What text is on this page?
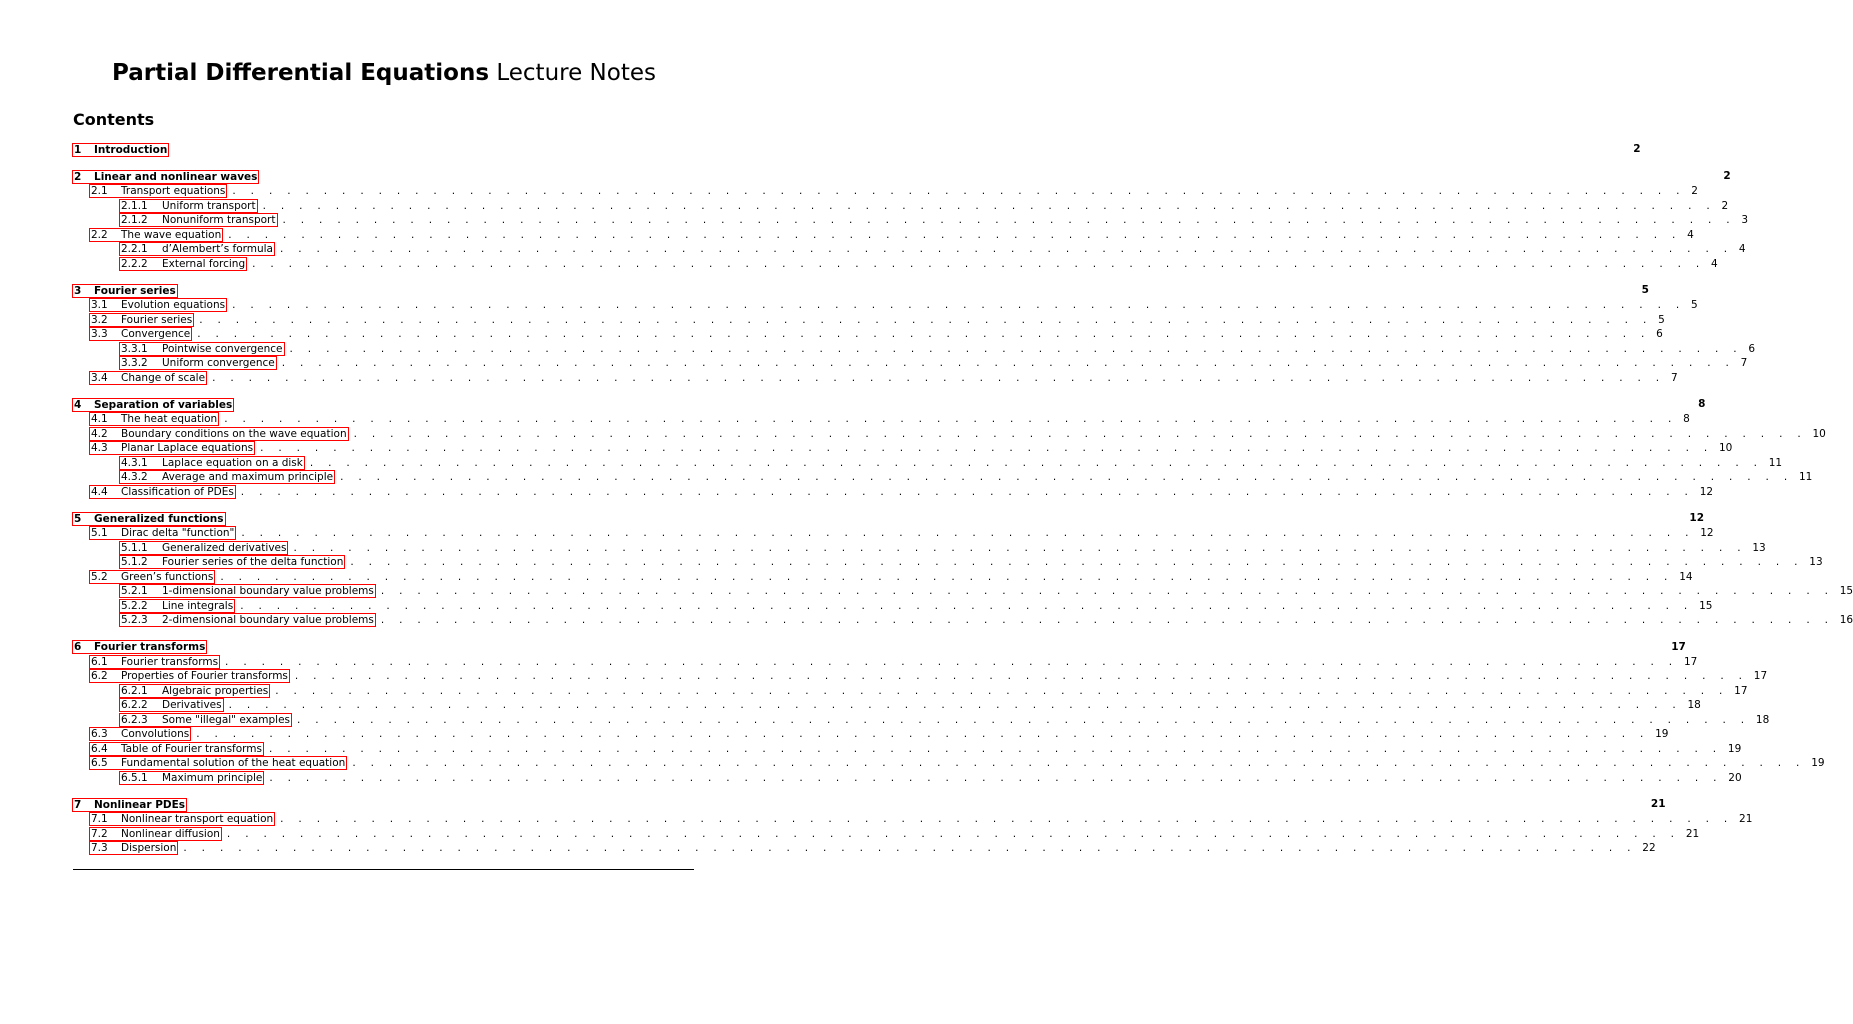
Partial Differential Equations Lecture Notes
Contents
1	Introduction	2
2	Linear and nonlinear waves	2
2.1	Transport equations . . . . . . . . . . . . . . . . . . . . . . . . . . . . . . . . . . . . . . . . . . . . . . . . . . . . . . . . . . . . . . . . . . . . . . . . . . . . . . . . 2
2.1.1	Uniform transport . . . . . . . . . . . . . . . . . . . . . . . . . . . . . . . . . . . . . . . . . . . . . . . . . . . . . . . . . . . . . . . . . . . . . . . . . . . . . . . . 2
2.1.2	Nonuniform transport . . . . . . . . . . . . . . . . . . . . . . . . . . . . . . . . . . . . . . . . . . . . . . . . . . . . . . . . . . . . . . . . . . . . . . . . . . . . . . . . 3
2.2	The wave equation . . . . . . . . . . . . . . . . . . . . . . . . . . . . . . . . . . . . . . . . . . . . . . . . . . . . . . . . . . . . . . . . . . . . . . . . . . . . . . . . 4
2.2.1	d’Alembert’s formula . . . . . . . . . . . . . . . . . . . . . . . . . . . . . . . . . . . . . . . . . . . . . . . . . . . . . . . . . . . . . . . . . . . . . . . . . . . . . . . . 4
2.2.2	External forcing . . . . . . . . . . . . . . . . . . . . . . . . . . . . . . . . . . . . . . . . . . . . . . . . . . . . . . . . . . . . . . . . . . . . . . . . . . . . . . . . 4
3	Fourier series	5
3.1	Evolution equations . . . . . . . . . . . . . . . . . . . . . . . . . . . . . . . . . . . . . . . . . . . . . . . . . . . . . . . . . . . . . . . . . . . . . . . . . . . . . . . . 5
3.2	Fourier series . . . . . . . . . . . . . . . . . . . . . . . . . . . . . . . . . . . . . . . . . . . . . . . . . . . . . . . . . . . . . . . . . . . . . . . . . . . . . . . . 5
3.3	Convergence . . . . . . . . . . . . . . . . . . . . . . . . . . . . . . . . . . . . . . . . . . . . . . . . . . . . . . . . . . . . . . . . . . . . . . . . . . . . . . . . 6
3.3.1	Pointwise convergence . . . . . . . . . . . . . . . . . . . . . . . . . . . . . . . . . . . . . . . . . . . . . . . . . . . . . . . . . . . . . . . . . . . . . . . . . . . . . . . . 6
3.3.2	Uniform convergence . . . . . . . . . . . . . . . . . . . . . . . . . . . . . . . . . . . . . . . . . . . . . . . . . . . . . . . . . . . . . . . . . . . . . . . . . . . . . . . . 7
3.4	Change of scale . . . . . . . . . . . . . . . . . . . . . . . . . . . . . . . . . . . . . . . . . . . . . . . . . . . . . . . . . . . . . . . . . . . . . . . . . . . . . . . . 7
4	Separation of variables	8
4.1	The heat equation . . . . . . . . . . . . . . . . . . . . . . . . . . . . . . . . . . . . . . . . . . . . . . . . . . . . . . . . . . . . . . . . . . . . . . . . . . . . . . . . 8
4.2	Boundary conditions on the wave equation . . . . . . . . . . . . . . . . . . . . . . . . . . . . . . . . . . . . . . . . . . . . . . . . . . . . . . . . . . . . . . . . . . . . . . . . . . . . . . . . 10
4.3	Planar Laplace equations . . . . . . . . . . . . . . . . . . . . . . . . . . . . . . . . . . . . . . . . . . . . . . . . . . . . . . . . . . . . . . . . . . . . . . . . . . . . . . . . 10
4.3.1	Laplace equation on a disk . . . . . . . . . . . . . . . . . . . . . . . . . . . . . . . . . . . . . . . . . . . . . . . . . . . . . . . . . . . . . . . . . . . . . . . . . . . . . . . . 11
4.3.2	Average and maximum principle . . . . . . . . . . . . . . . . . . . . . . . . . . . . . . . . . . . . . . . . . . . . . . . . . . . . . . . . . . . . . . . . . . . . . . . . . . . . . . . . 11
4.4	Classification of PDEs . . . . . . . . . . . . . . . . . . . . . . . . . . . . . . . . . . . . . . . . . . . . . . . . . . . . . . . . . . . . . . . . . . . . . . . . . . . . . . . . 12
5	Generalized functions	12
5.1	Dirac delta "function" . . . . . . . . . . . . . . . . . . . . . . . . . . . . . . . . . . . . . . . . . . . . . . . . . . . . . . . . . . . . . . . . . . . . . . . . . . . . . . . . 12
5.1.1	Generalized derivatives . . . . . . . . . . . . . . . . . . . . . . . . . . . . . . . . . . . . . . . . . . . . . . . . . . . . . . . . . . . . . . . . . . . . . . . . . . . . . . . . 13
5.1.2	Fourier series of the delta function . . . . . . . . . . . . . . . . . . . . . . . . . . . . . . . . . . . . . . . . . . . . . . . . . . . . . . . . . . . . . . . . . . . . . . . . . . . . . . . . 13
5.2	Green’s functions . . . . . . . . . . . . . . . . . . . . . . . . . . . . . . . . . . . . . . . . . . . . . . . . . . . . . . . . . . . . . . . . . . . . . . . . . . . . . . . . 14
5.2.1	1-dimensional boundary value problems . . . . . . . . . . . . . . . . . . . . . . . . . . . . . . . . . . . . . . . . . . . . . . . . . . . . . . . . . . . . . . . . . . . . . . . . . . . . . . . . 15
5.2.2	Line integrals . . . . . . . . . . . . . . . . . . . . . . . . . . . . . . . . . . . . . . . . . . . . . . . . . . . . . . . . . . . . . . . . . . . . . . . . . . . . . . . . 15
5.2.3	2-dimensional boundary value problems . . . . . . . . . . . . . . . . . . . . . . . . . . . . . . . . . . . . . . . . . . . . . . . . . . . . . . . . . . . . . . . . . . . . . . . . . . . . . . . . 16
6	Fourier transforms	17
6.1	Fourier transforms . . . . . . . . . . . . . . . . . . . . . . . . . . . . . . . . . . . . . . . . . . . . . . . . . . . . . . . . . . . . . . . . . . . . . . . . . . . . . . . . 17
6.2	Properties of Fourier transforms . . . . . . . . . . . . . . . . . . . . . . . . . . . . . . . . . . . . . . . . . . . . . . . . . . . . . . . . . . . . . . . . . . . . . . . . . . . . . . . . 17
6.2.1	Algebraic properties . . . . . . . . . . . . . . . . . . . . . . . . . . . . . . . . . . . . . . . . . . . . . . . . . . . . . . . . . . . . . . . . . . . . . . . . . . . . . . . . 17
6.2.2	Derivatives . . . . . . . . . . . . . . . . . . . . . . . . . . . . . . . . . . . . . . . . . . . . . . . . . . . . . . . . . . . . . . . . . . . . . . . . . . . . . . . . 18
6.2.3	Some "illegal" examples . . . . . . . . . . . . . . . . . . . . . . . . . . . . . . . . . . . . . . . . . . . . . . . . . . . . . . . . . . . . . . . . . . . . . . . . . . . . . . . . 18
6.3	Convolutions . . . . . . . . . . . . . . . . . . . . . . . . . . . . . . . . . . . . . . . . . . . . . . . . . . . . . . . . . . . . . . . . . . . . . . . . . . . . . . . . 19
6.4	Table of Fourier transforms . . . . . . . . . . . . . . . . . . . . . . . . . . . . . . . . . . . . . . . . . . . . . . . . . . . . . . . . . . . . . . . . . . . . . . . . . . . . . . . . 19
6.5	Fundamental solution of the heat equation . . . . . . . . . . . . . . . . . . . . . . . . . . . . . . . . . . . . . . . . . . . . . . . . . . . . . . . . . . . . . . . . . . . . . . . . . . . . . . . . 19
6.5.1	Maximum principle . . . . . . . . . . . . . . . . . . . . . . . . . . . . . . . . . . . . . . . . . . . . . . . . . . . . . . . . . . . . . . . . . . . . . . . . . . . . . . . . 20
7	Nonlinear PDEs	21
7.1	Nonlinear transport equation . . . . . . . . . . . . . . . . . . . . . . . . . . . . . . . . . . . . . . . . . . . . . . . . . . . . . . . . . . . . . . . . . . . . . . . . . . . . . . . . 21
7.2	Nonlinear diffusion . . . . . . . . . . . . . . . . . . . . . . . . . . . . . . . . . . . . . . . . . . . . . . . . . . . . . . . . . . . . . . . . . . . . . . . . . . . . . . . . 21
7.3	Dispersion . . . . . . . . . . . . . . . . . . . . . . . . . . . . . . . . . . . . . . . . . . . . . . . . . . . . . . . . . . . . . . . . . . . . . . . . . . . . . . . . 22
